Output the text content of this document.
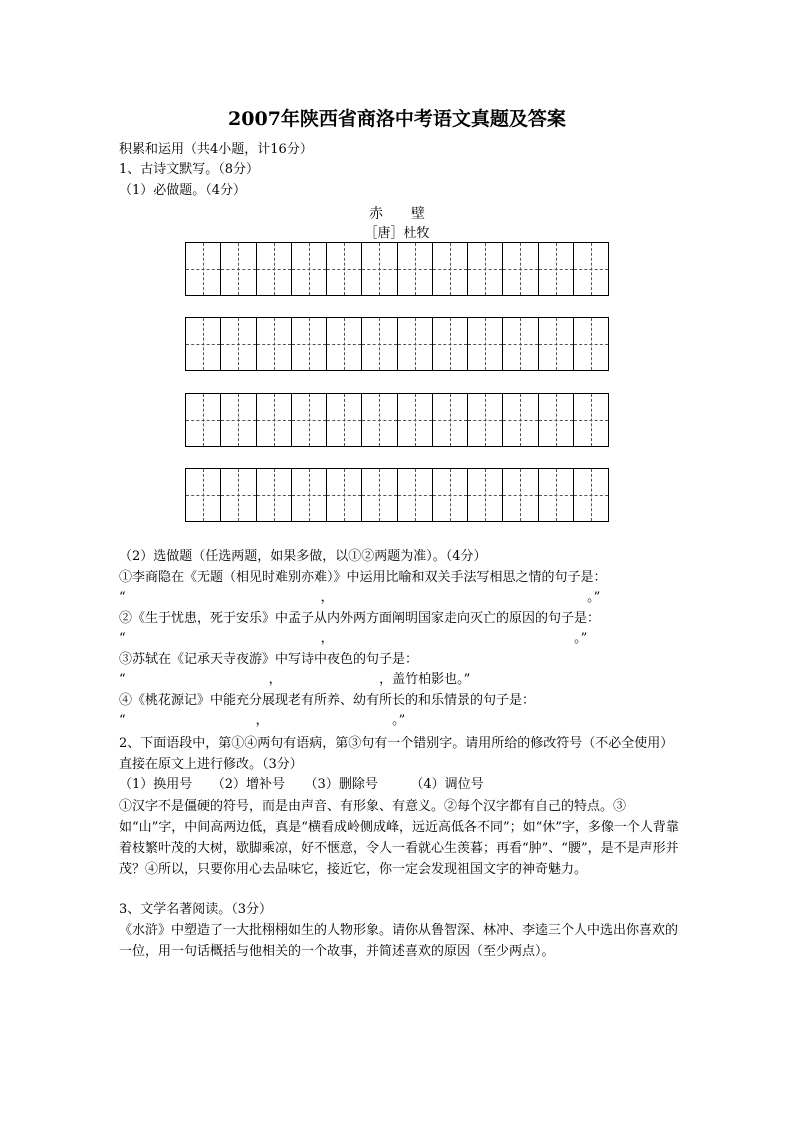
2007年陕西省商洛中考语文真题及答案
积累和运用（共4小题，计16分）
1、古诗文默写。（8分）
（1）必做题。（4分）
赤　　壁
［唐］杜牧
（2）选做题（任选两题，如果多做，以①②两题为准）。（4分）
①李商隐在《无题（相见时难别亦难）》中运用比喻和双关手法写相思之情的句子是：
“　　　　　　　　　　　　　　　，　　　　　　　　　　　　　　　　　　　　。”
②《生于忧患，死于安乐》中孟子从内外两方面阐明国家走向灭亡的原因的句子是：
“　　　　　　　　　　　　　　　，　　　　　　　　　　　　　　　　　　　。”
③苏轼在《记承天寺夜游》中写诗中夜色的句子是：
“　　　　　　　　　　　，　　　　　　　　，盖竹柏影也。”
④《桃花源记》中能充分展现老有所养、幼有所长的和乐情景的句子是：
“　　　　　　　　　　，　　　　　　　　　　。”
2、下面语段中，第①④两句有语病，第③句有一个错别字。请用所给的修改符号（不必全使用）直接在原文上进行修改。（3分）
（1）换用号　　（2）增补号　　（3）删除号　　　（4）调位号
①汉字不是僵硬的符号，而是由声音、有形象、有意义。②每个汉字都有自己的特点。③如“山”字，中间高两边低，真是“横看成岭侧成峰，远近高低各不同”；如“休”字，多像一个人背靠着枝繁叶茂的大树，歇脚乘凉，好不惬意，令人一看就心生羡暮；再看“肿”、“腰”，是不是声形并茂？④所以，只要你用心去品味它，接近它，你一定会发现祖国文字的神奇魅力。
3、文学名著阅读。（3分）
《水浒》中塑造了一大批栩栩如生的人物形象。请你从鲁智深、林冲、李逵三个人中选出你喜欢的一位，用一句话概括与他相关的一个故事，并简述喜欢的原因（至少两点）。
